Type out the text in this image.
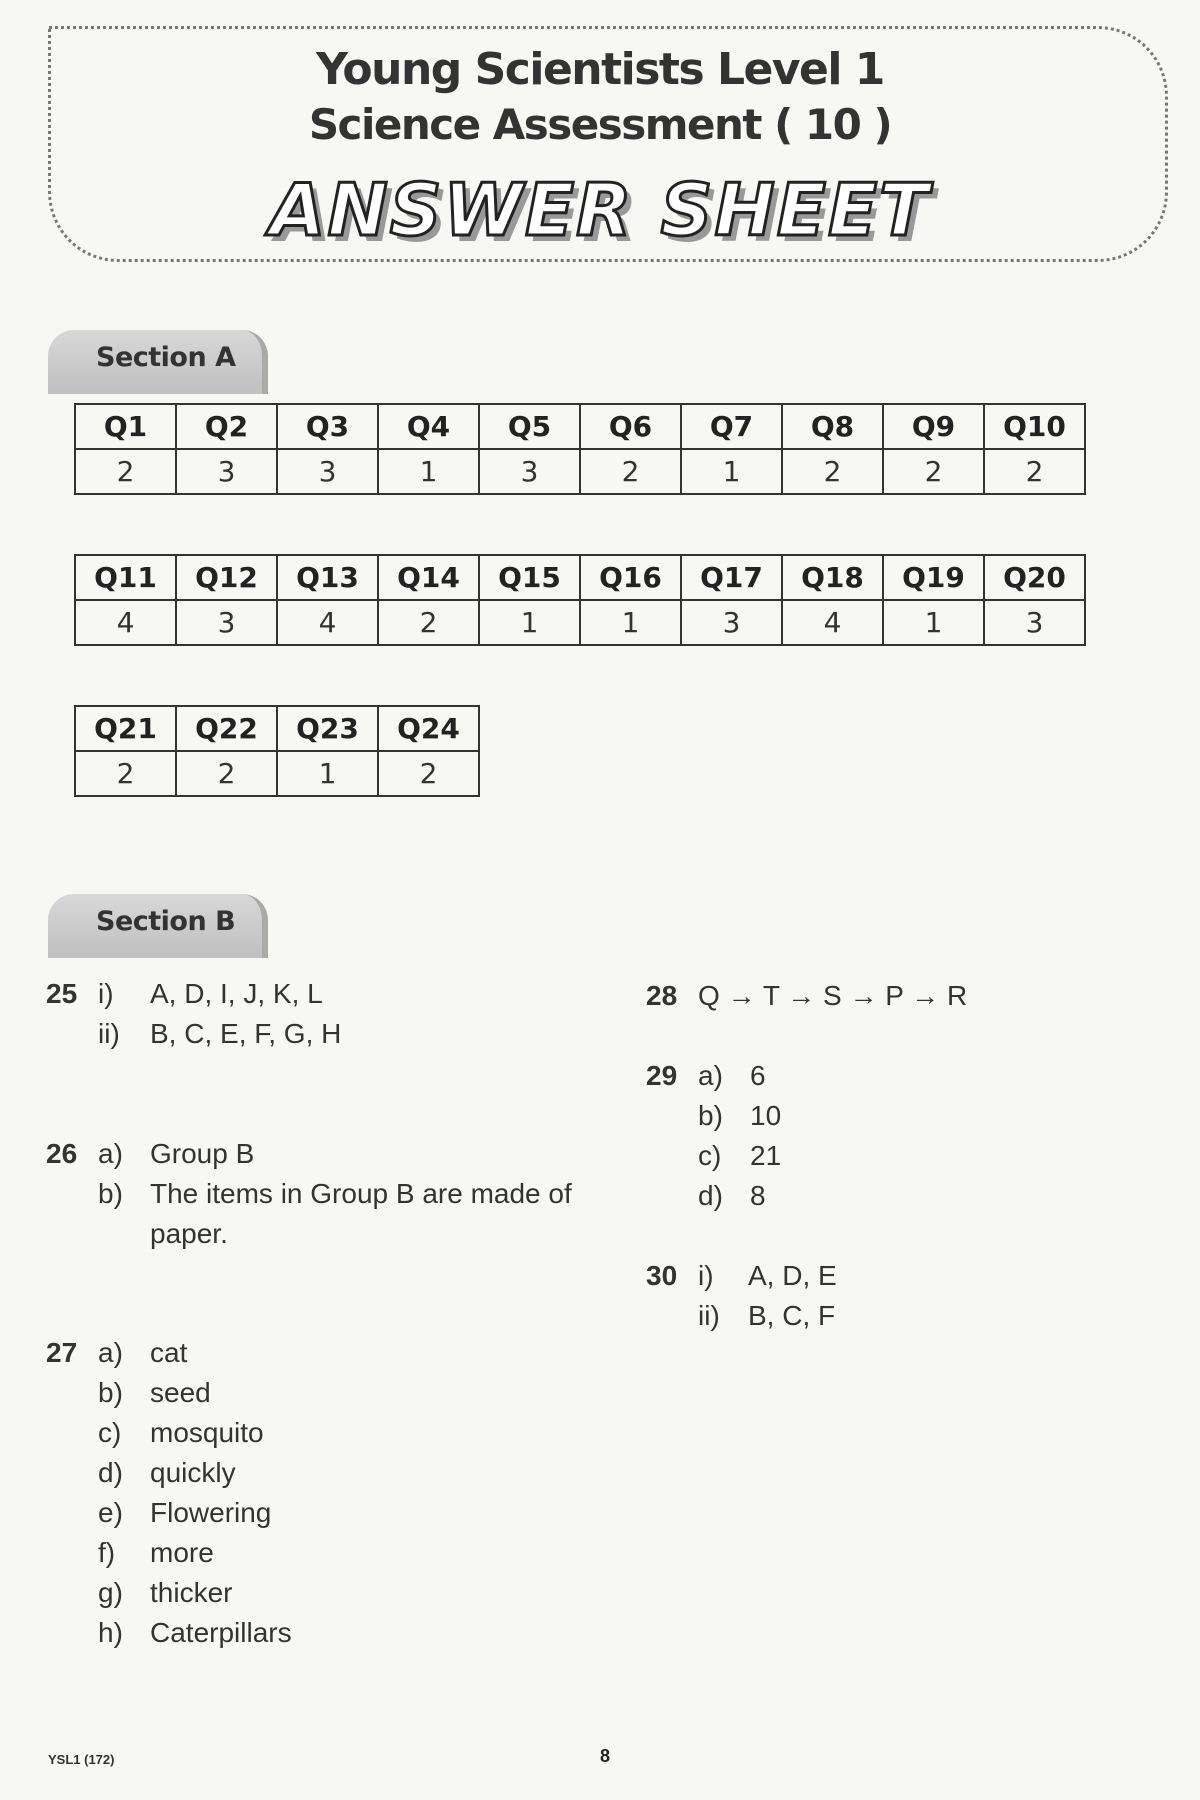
Young Scientists Level 1
Science Assessment ( 10 )
ANSWER SHEET
Section A
Q1	Q2	Q3	Q4	Q5	Q6	Q7	Q8	Q9	Q10
2	3	3	1	3	2	1	2	2	2
Q11	Q12	Q13	Q14	Q15	Q16	Q17	Q18	Q19	Q20
4	3	4	2	1	1	3	4	1	3
Q21	Q22	Q23	Q24
2	2	1	2
Section B
25 i) A, D, I, J, K, L
ii) B, C, E, F, G, H
26 a) Group B
b) The items in Group B are made of
paper.
27 a) cat
b) seed
c) mosquito
d) quickly
e) Flowering
f) more
g) thicker
h) Caterpillars
28 Q → T → S → P → R
29 a) 6
b) 10
c) 21
d) 8
30 i) A, D, E
ii) B, C, F
YSL1 (172)	8
